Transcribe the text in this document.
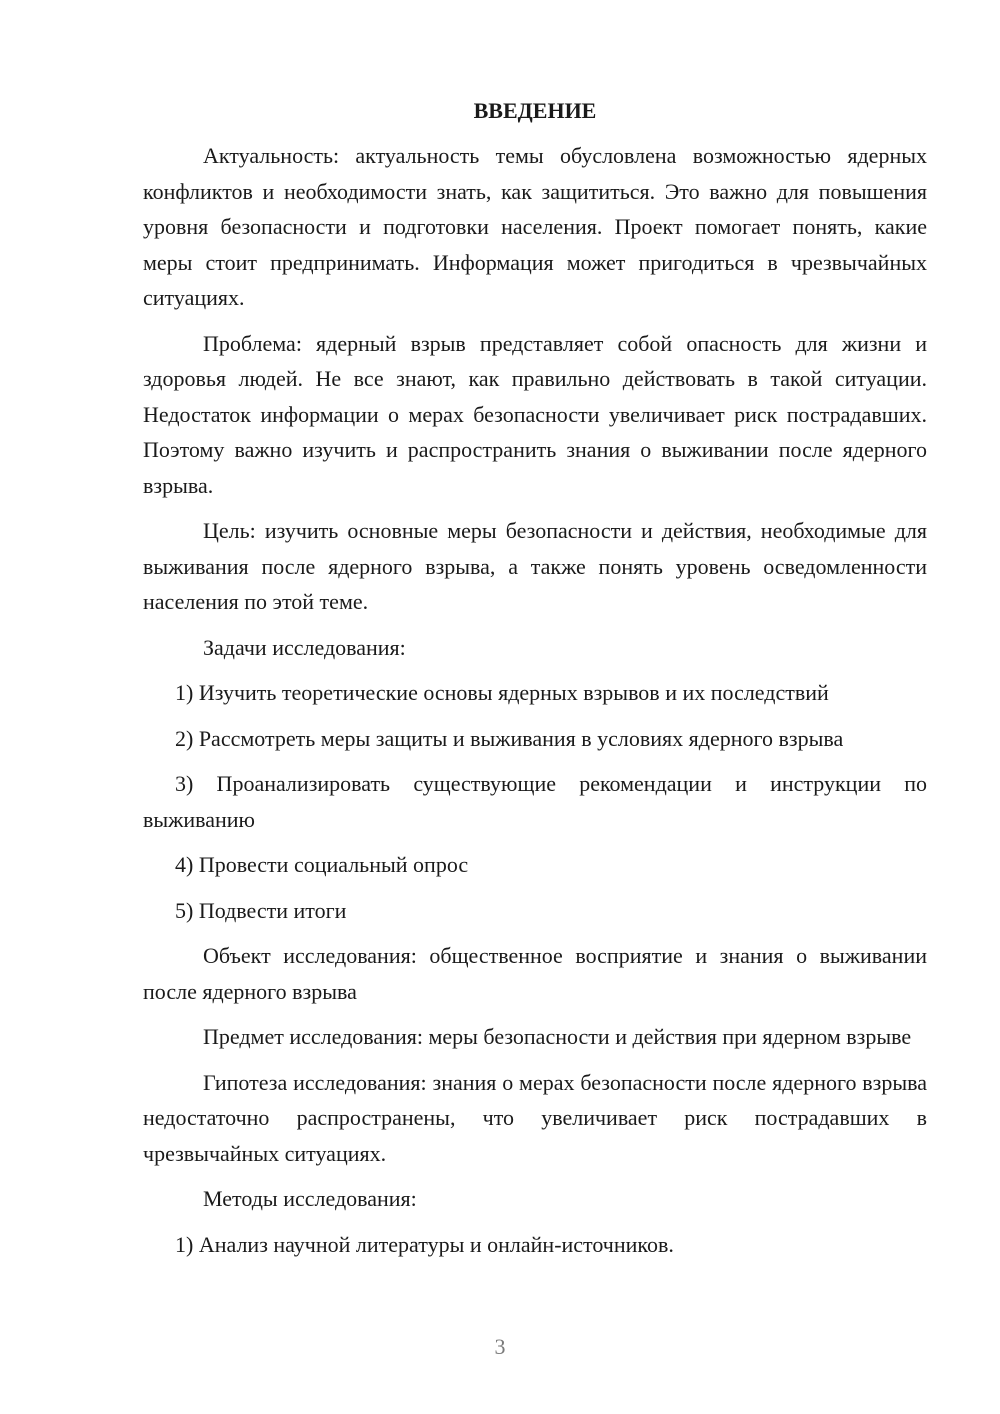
ВВЕДЕНИЕ

Актуальность: актуальность темы обусловлена возможностью ядерных конфликтов и необходимости знать, как защититься. Это важно для повышения уровня безопасности и подготовки населения. Проект помогает понять, какие меры стоит предпринимать. Информация может пригодиться в чрезвычайных ситуациях.

Проблема: ядерный взрыв представляет собой опасность для жизни и здоровья людей. Не все знают, как правильно действовать в такой ситуации. Недостаток информации о мерах безопасности увеличивает риск пострадавших. Поэтому важно изучить и распространить знания о выживании после ядерного взрыва.

Цель: изучить основные меры безопасности и действия, необходимые для выживания после ядерного взрыва, а также понять уровень осведомленности населения по этой теме.

Задачи исследования:

1) Изучить теоретические основы ядерных взрывов и их последствий

2) Рассмотреть меры защиты и выживания в условиях ядерного взрыва

3) Проанализировать существующие рекомендации и инструкции по выживанию

4) Провести социальный опрос

5) Подвести итоги

Объект исследования: общественное восприятие и знания о выживании после ядерного взрыва

Предмет исследования: меры безопасности и действия при ядерном взрыве

Гипотеза исследования: знания о мерах безопасности после ядерного взрыва недостаточно распространены, что увеличивает риск пострадавших в чрезвычайных ситуациях.

Методы исследования:

1) Анализ научной литературы и онлайн-источников.

3
